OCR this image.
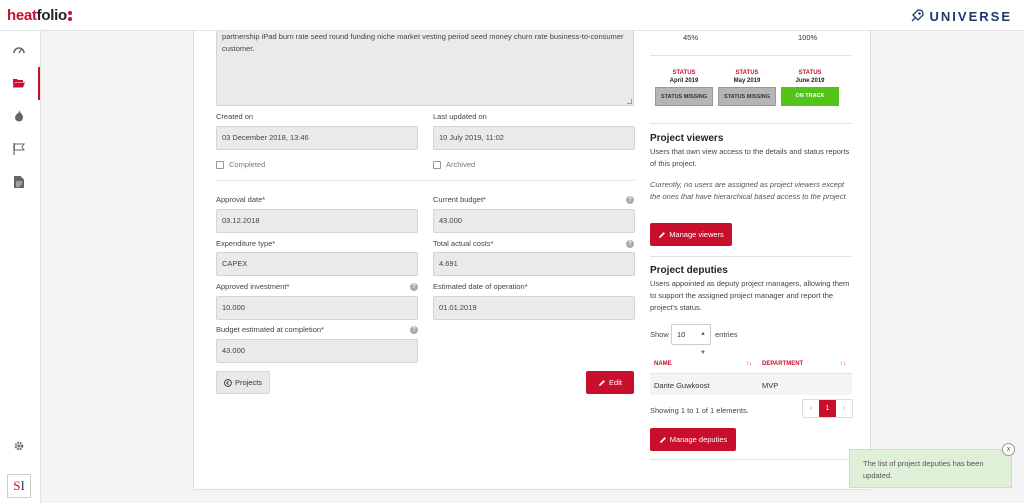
heatfolio	UNIVERSE
SI
partnership iPad burn rate seed round funding niche market vesting period seed money churn rate business-to-consumer customer.
Created on
03 December 2018, 13:46
Last updated on
10 July 2019, 11:02
Completed	Archived
Approval date*
03.12.2018
Current budget*	?
43.000
Expenditure type*
CAPEX
Total actual costs*	?
4.691
Approved investment*	?
10.000
Estimated date of operation*
01.01.2019
Budget estimated at completion*	?
43.000
Projects	Edit
45%	100%
STATUS
April 2019
STATUS MISSING
STATUS
May 2019
STATUS MISSING
STATUS
June 2019
ON TRACK
Project viewers
Users that own view access to the details and status reports of this project.
Currently, no users are assigned as project viewers except the ones that have hierarchical based access to the project.
Manage viewers
Project deputies
Users appointed as deputy project managers, allowing them to support the assigned project manager and report the project's status.
Show	10 ▲
▼
entries
NAME	↑↓ DEPARTMENT	↑↓
Dante Guwkoost	MVP
Showing 1 to 1 of 1 elements.	‹	1	›
Manage deputies
The list of project deputies has been updated.
x
